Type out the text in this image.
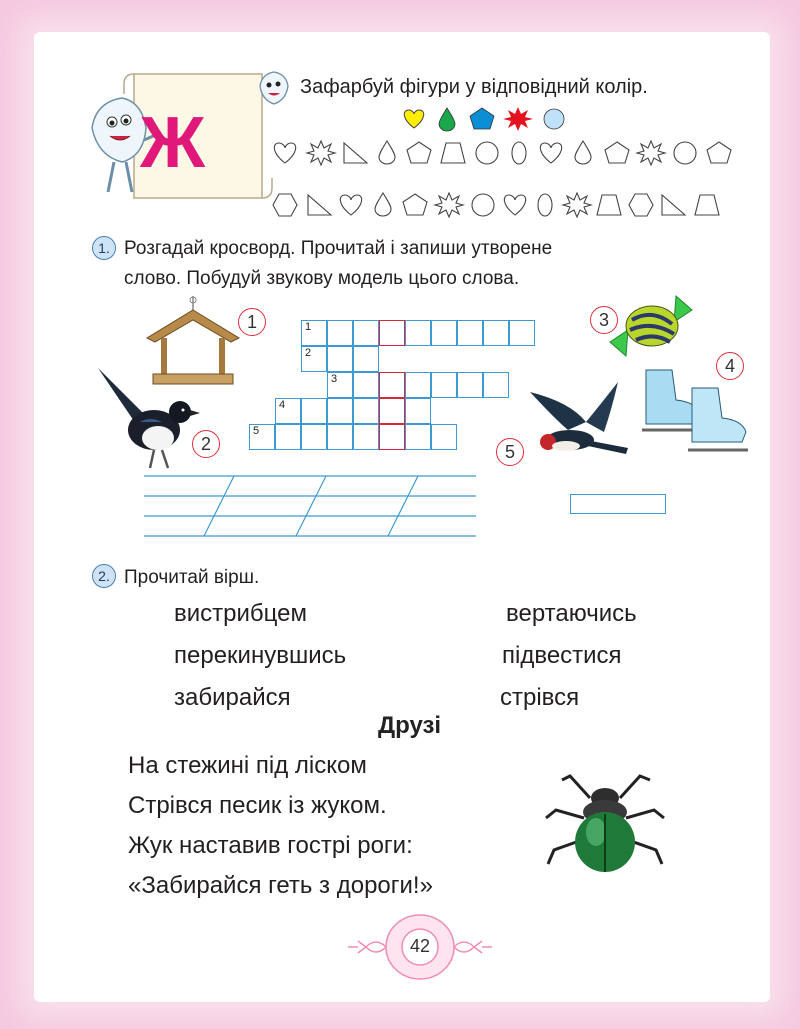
Ж
Зафарбуй фігури у відповідний колір.
1. Розгадай кросворд. Прочитай і запиши утворене
слово. Побудуй звукову модель цього слова.
1
2
1
2
3
4
5
3
4
5
2. Прочитай вірш.
вистрибцем
перекинувшись
забирайся
вертаючись
підвестися
стрівся
Друзі
На стежині під ліском
Стрівся песик із жуком.
Жук наставив гострі роги:
«Забирайся геть з дороги!»
42
